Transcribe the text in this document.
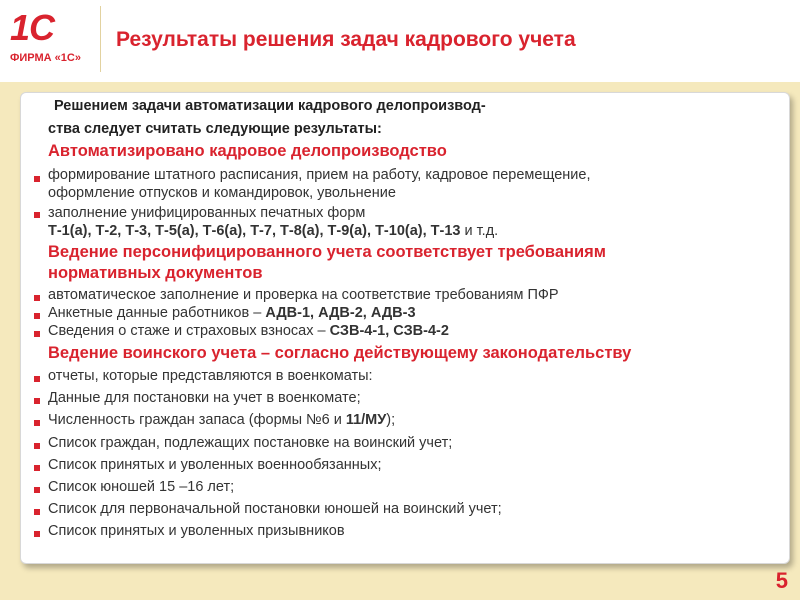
1С
ФИРМА «1С»
Результаты решения задач кадрового учета
Решением задачи автоматизации кадрового делопроизвод-
ства следует считать следующие результаты:
Автоматизировано кадровое делопроизводство
формирование штатного расписания, прием на работу, кадровое перемещение,
оформление отпусков и командировок, увольнение
заполнение унифицированных печатных форм
Т-1(а), Т-2, Т-3, Т-5(а), Т-6(а), Т-7, Т-8(а), Т-9(а), Т-10(а), Т-13 и т.д.
Ведение персонифицированного учета соответствует требованиям
нормативных документов
автоматическое заполнение и проверка на соответствие требованиям ПФР
Анкетные данные работников – АДВ-1, АДВ-2, АДВ-3
Сведения о стаже и страховых взносах – СЗВ-4-1, СЗВ-4-2
Ведение воинского учета – согласно действующему законодательству
отчеты, которые представляются в военкоматы:
Данные для постановки на учет в военкомате;
Численность граждан запаса (формы №6 и 11/МУ);
Список граждан, подлежащих постановке на воинский учет;
Список принятых и уволенных военнообязанных;
Список юношей 15 –16 лет;
Список для первоначальной постановки юношей на воинский учет;
Список принятых и уволенных призывников
5
